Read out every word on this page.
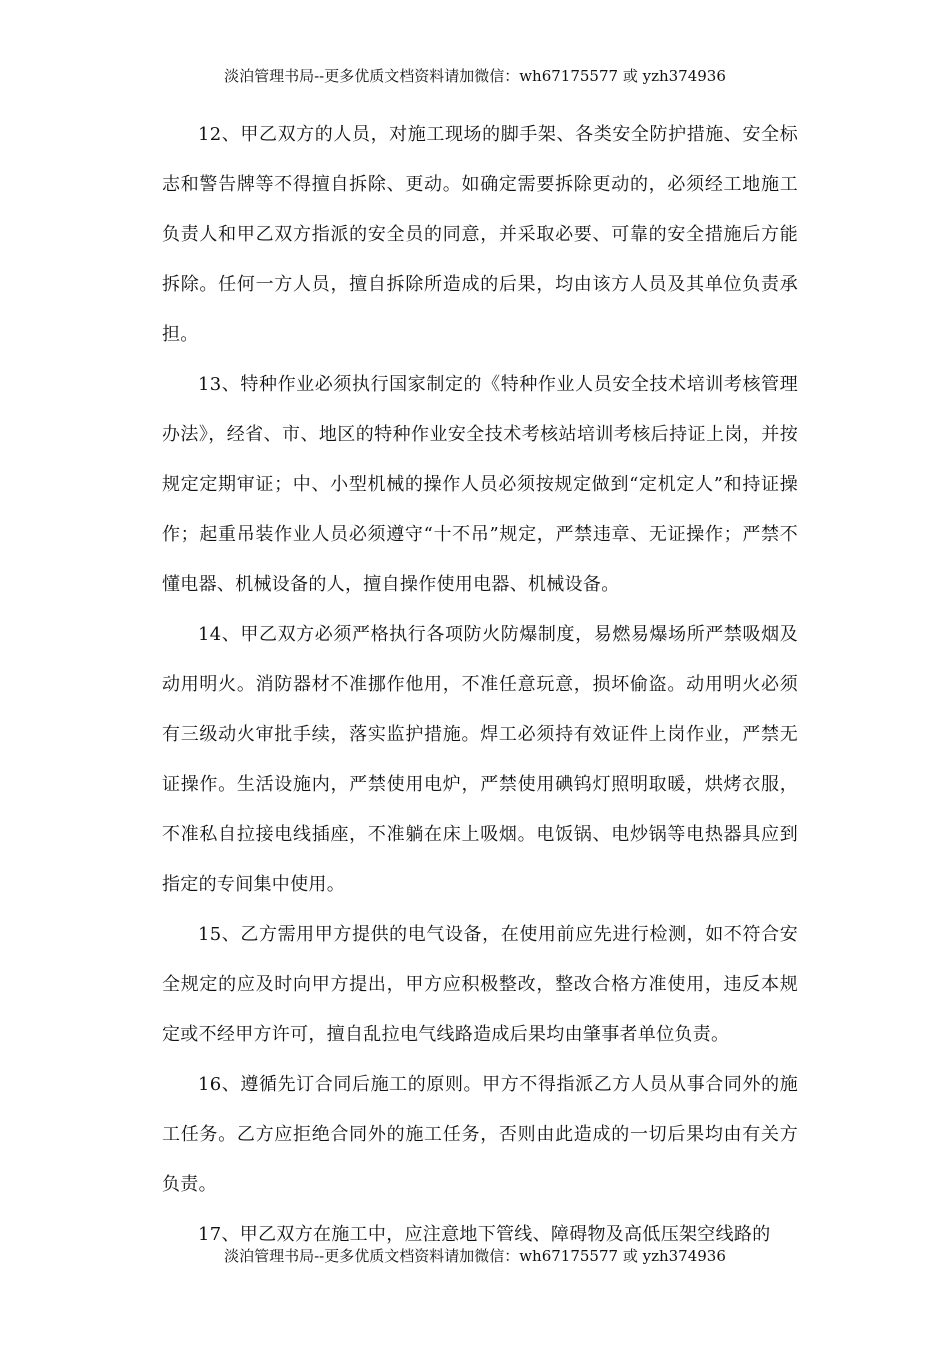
淡泊管理书局--更多优质文档资料请加微信：wh67175577 或 yzh374936

12、甲乙双方的人员，对施工现场的脚手架、各类安全防护措施、安全标志和警告牌等不得擅自拆除、更动。如确定需要拆除更动的，必须经工地施工负责人和甲乙双方指派的安全员的同意，并采取必要、可靠的安全措施后方能拆除。任何一方人员，擅自拆除所造成的后果，均由该方人员及其单位负责承担。

13、特种作业必须执行国家制定的《特种作业人员安全技术培训考核管理办法》，经省、市、地区的特种作业安全技术考核站培训考核后持证上岗，并按规定定期审证；中、小型机械的操作人员必须按规定做到“定机定人”和持证操作；起重吊装作业人员必须遵守“十不吊”规定，严禁违章、无证操作；严禁不懂电器、机械设备的人，擅自操作使用电器、机械设备。

14、甲乙双方必须严格执行各项防火防爆制度，易燃易爆场所严禁吸烟及动用明火。消防器材不准挪作他用，不准任意玩意，损坏偷盗。动用明火必须有三级动火审批手续，落实监护措施。焊工必须持有效证件上岗作业，严禁无证操作。生活设施内，严禁使用电炉，严禁使用碘钨灯照明取暖，烘烤衣服，不准私自拉接电线插座，不准躺在床上吸烟。电饭锅、电炒锅等电热器具应到指定的专间集中使用。

15、乙方需用甲方提供的电气设备，在使用前应先进行检测，如不符合安全规定的应及时向甲方提出，甲方应积极整改，整改合格方准使用，违反本规定或不经甲方许可，擅自乱拉电气线路造成后果均由肇事者单位负责。

16、遵循先订合同后施工的原则。甲方不得指派乙方人员从事合同外的施工任务。乙方应拒绝合同外的施工任务，否则由此造成的一切后果均由有关方负责。

17、甲乙双方在施工中，应注意地下管线、障碍物及高低压架空线路的

淡泊管理书局--更多优质文档资料请加微信：wh67175577 或 yzh374936
